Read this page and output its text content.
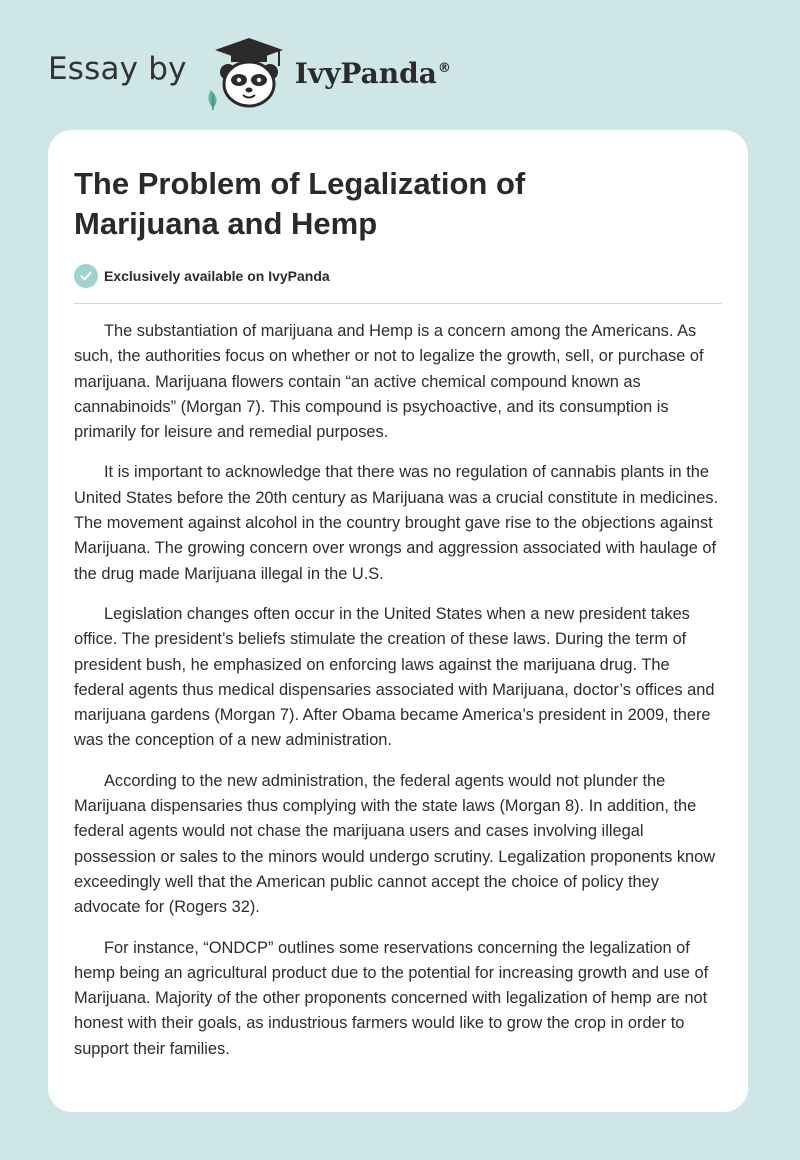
Essay by	IvyPanda®
The Problem of Legalization of Marijuana and Hemp
Exclusively available on IvyPanda

The substantiation of marijuana and Hemp is a concern among the Americans. As such, the authorities focus on whether or not to legalize the growth, sell, or purchase of marijuana. Marijuana flowers contain “an active chemical compound known as cannabinoids” (Morgan 7). This compound is psychoactive, and its consumption is primarily for leisure and remedial purposes.

It is important to acknowledge that there was no regulation of cannabis plants in the United States before the 20th century as Marijuana was a crucial constitute in medicines. The movement against alcohol in the country brought gave rise to the objections against Marijuana. The growing concern over wrongs and aggression associated with haulage of the drug made Marijuana illegal in the U.S.

Legislation changes often occur in the United States when a new president takes office. The president’s beliefs stimulate the creation of these laws. During the term of president bush, he emphasized on enforcing laws against the marijuana drug. The federal agents thus medical dispensaries associated with Marijuana, doctor’s offices and marijuana gardens (Morgan 7). After Obama became America’s president in 2009, there was the conception of a new administration.

According to the new administration, the federal agents would not plunder the Marijuana dispensaries thus complying with the state laws (Morgan 8). In addition, the federal agents would not chase the marijuana users and cases involving illegal possession or sales to the minors would undergo scrutiny. Legalization proponents know exceedingly well that the American public cannot accept the choice of policy they advocate for (Rogers 32).

For instance, “ONDCP” outlines some reservations concerning the legalization of hemp being an agricultural product due to the potential for increasing growth and use of Marijuana. Majority of the other proponents concerned with legalization of hemp are not honest with their goals, as industrious farmers would like to grow the crop in order to support their families.
